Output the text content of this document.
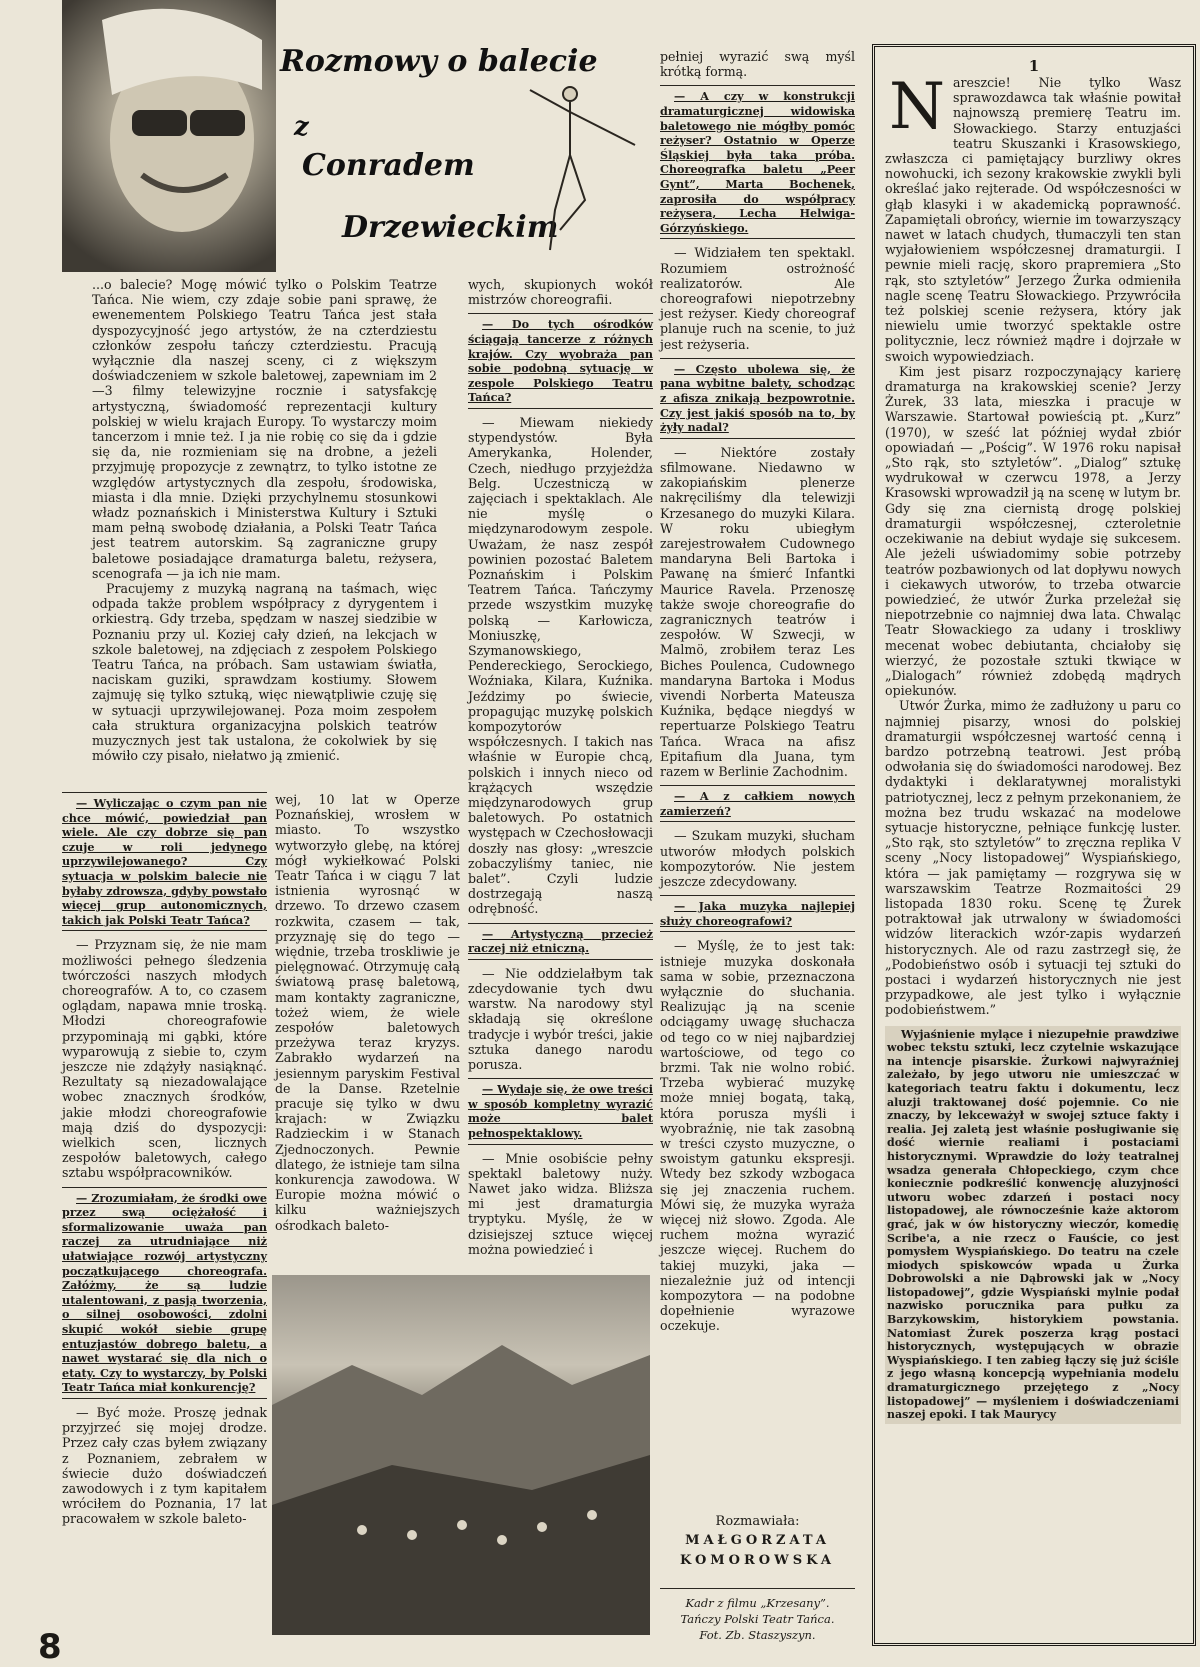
Rozmowy o balecie
z
Conradem
Drzewieckim

...o balecie? Mogę mówić tylko o Polskim Teatrze Tańca. Nie wiem, czy zdaje sobie pani sprawę, że ewenementem Polskiego Teatru Tańca jest stała dyspozycyjność jego artystów, że na czterdziestu członków zespołu tańczy czterdziestu. Pracują wyłącznie dla naszej sceny, ci z większym doświadczeniem w szkole baletowej, zapewniam im 2—3 filmy telewizyjne rocznie i satysfakcję artystyczną, świadomość reprezentacji kultury polskiej w wielu krajach Europy. To wystarczy moim tancerzom i mnie też. I ja nie robię co się da i gdzie się da, nie rozmieniam się na drobne, a jeżeli przyjmuję propozycje z zewnątrz, to tylko istotne ze względów artystycznych dla zespołu, środowiska, miasta i dla mnie. Dzięki przychylnemu stosunkowi władz poznańskich i Ministerstwa Kultury i Sztuki mam pełną swobodę działania, a Polski Teatr Tańca jest teatrem autorskim. Są zagraniczne grupy baletowe posiadające dramaturga baletu, reżysera, scenografa — ja ich nie mam.

Pracujemy z muzyką nagraną na taśmach, więc odpada także problem współpracy z dyrygentem i orkiestrą. Gdy trzeba, spędzam w naszej siedzibie w Poznaniu przy ul. Koziej cały dzień, na lekcjach w szkole baletowej, na zdjęciach z zespołem Polskiego Teatru Tańca, na próbach. Sam ustawiam światła, naciskam guziki, sprawdzam kostiumy. Słowem zajmuję się tylko sztuką, więc niewątpliwie czuję się w sytuacji uprzywilejowanej. Poza moim zespołem cała struktura organizacyjna polskich teatrów muzycznych jest tak ustalona, że cokolwiek by się mówiło czy pisało, niełatwo ją zmienić.

— Wyliczając o czym pan nie chce mówić, powiedział pan wiele. Ale czy dobrze się pan czuje w roli jedynego uprzywilejowanego? Czy sytuacja w polskim balecie nie byłaby zdrowsza, gdyby powstało więcej grup autonomicznych, takich jak Polski Teatr Tańca?

— Przyznam się, że nie mam możliwości pełnego śledzenia twórczości naszych młodych choreografów. A to, co czasem oglądam, napawa mnie troską. Młodzi choreografowie przypominają mi gąbki, które wyparowują z siebie to, czym jeszcze nie zdążyły nasiąknąć. Rezultaty są niezadowalające wobec znacznych środków, jakie młodzi choreografowie mają dziś do dyspozycji: wielkich scen, licznych zespołów baletowych, całego sztabu współpracowników.

— Zrozumiałam, że środki owe przez swą ociężałość i sformalizowanie uważa pan raczej za utrudniające niż ułatwiające rozwój artystyczny początkującego choreografa. Załóżmy, że są ludzie utalentowani, z pasją tworzenia, o silnej osobowości, zdolni skupić wokół siebie grupę entuzjastów dobrego baletu, a nawet wystarać się dla nich o etaty. Czy to wystarczy, by Polski Teatr Tańca miał konkurencję?

— Być może. Proszę jednak przyjrzeć się mojej drodze. Przez cały czas byłem związany z Poznaniem, zebrałem w świecie dużo doświadczeń zawodowych i z tym kapitałem wróciłem do Poznania, 17 lat pracowałem w szkole baleto-

wej, 10 lat w Operze Poznańskiej, wrosłem w miasto. To wszystko wytworzyło glebę, na której mógł wykiełkować Polski Teatr Tańca i w ciągu 7 lat istnienia wyrosnąć w drzewo. To drzewo czasem rozkwita, czasem — tak, przyznaję się do tego — więdnie, trzeba troskliwie je pielęgnować. Otrzymuję całą światową prasę baletową, mam kontakty zagraniczne, tożeż wiem, że wiele zespołów baletowych przeżywa teraz kryzys. Zabrakło wydarzeń na jesiennym paryskim Festival de la Danse. Rzetelnie pracuje się tylko w dwu krajach: w Związku Radzieckim i w Stanach Zjednoczonych. Pewnie dlatego, że istnieje tam silna konkurencja zawodowa. W Europie można mówić o kilku ważniejszych ośrodkach baleto-

wych, skupionych wokół mistrzów choreografii.

— Do tych ośrodków ściągają tancerze z różnych krajów. Czy wyobraża pan sobie podobną sytuację w zespole Polskiego Teatru Tańca?

— Miewam niekiedy stypendystów. Była Amerykanka, Holender, Czech, niedługo przyjeżdża Belg. Uczestniczą w zajęciach i spektaklach. Ale nie myślę o międzynarodowym zespole. Uważam, że nasz zespół powinien pozostać Baletem Poznańskim i Polskim Teatrem Tańca. Tańczymy przede wszystkim muzykę polską — Karłowicza, Moniuszkę, Szymanowskiego, Pendereckiego, Serockiego, Woźniaka, Kilara, Kuźnika. Jeździmy po świecie, propagując muzykę polskich kompozytorów współczesnych. I takich nas właśnie w Europie chcą, polskich i innych nieco od krążących wszędzie międzynarodowych grup baletowych. Po ostatnich występach w Czechosłowacji doszły nas głosy: „wreszcie zobaczyliśmy taniec, nie balet”. Czyli ludzie dostrzegają naszą odrębność.

— Artystyczną przecież raczej niż etniczną.

— Nie oddzielałbym tak zdecydowanie tych dwu warstw. Na narodowy styl składają się określone tradycje i wybór treści, jakie sztuka danego narodu porusza.

— Wydaje się, że owe treści w sposób kompletny wyrazić może balet pełnospektaklowy.

— Mnie osobiście pełny spektakl baletowy nuży. Nawet jako widza. Bliższa mi jest dramaturgia tryptyku. Myślę, że w dzisiejszej sztuce więcej można powiedzieć i

pełniej wyrazić swą myśl krótką formą.

— A czy w konstrukcji dramaturgicznej widowiska baletowego nie mógłby pomóc reżyser? Ostatnio w Operze Śląskiej była taka próba. Choreografka baletu „Peer Gynt”, Marta Bochenek, zaprosiła do współpracy reżysera, Lecha Helwiga-Górzyńskiego.

— Widziałem ten spektakl. Rozumiem ostrożność realizatorów. Ale choreografowi niepotrzebny jest reżyser. Kiedy choreograf planuje ruch na scenie, to już jest reżyseria.

— Często ubolewa się, że pana wybitne balety, schodząc z afisza znikają bezpowrotnie. Czy jest jakiś sposób na to, by żyły nadal?

— Niektóre zostały sfilmowane. Niedawno w zakopiańskim plenerze nakręciliśmy dla telewizji Krzesanego do muzyki Kilara. W roku ubiegłym zarejestrowałem Cudownego mandaryna Beli Bartoka i Pawanę na śmierć Infantki Maurice Ravela. Przenoszę także swoje choreografie do zagranicznych teatrów i zespołów. W Szwecji, w Malmö, zrobiłem teraz Les Biches Poulenca, Cudownego mandaryna Bartoka i Modus vivendi Norberta Mateusza Kuźnika, będące niegdyś w repertuarze Polskiego Teatru Tańca. Wraca na afisz Epitafium dla Juana, tym razem w Berlinie Zachodnim.

— A z całkiem nowych zamierzeń?

— Szukam muzyki, słucham utworów młodych polskich kompozytorów. Nie jestem jeszcze zdecydowany.

— Jaka muzyka najlepiej służy choreografowi?

— Myślę, że to jest tak: istnieje muzyka doskonała sama w sobie, przeznaczona wyłącznie do słuchania. Realizując ją na scenie odciągamy uwagę słuchacza od tego co w niej najbardziej wartościowe, od tego co brzmi. Tak nie wolno robić. Trzeba wybierać muzykę może mniej bogatą, taką, która porusza myśli i wyobraźnię, nie tak zasobną w treści czysto muzyczne, o swoistym gatunku ekspresji. Wtedy bez szkody wzbogaca się jej znaczenia ruchem. Mówi się, że muzyka wyraża więcej niż słowo. Zgoda. Ale ruchem można wyrazić jeszcze więcej. Ruchem do takiej muzyki, jaka — niezależnie już od intencji kompozytora — na podobne dopełnienie wyrazowe oczekuje.

Rozmawiała:
MAŁGORZATA
KOMOROWSKA
Kadr z filmu „Krzesany”.
Tańczy Polski Teatr Tańca.
Fot. Zb. Staszyszyn.
1
N areszcie! Nie tylko Wasz sprawozdawca tak właśnie powitał najnowszą premierę Teatru im. Słowackiego. Starzy entuzjaści teatru Skuszanki i Krasowskiego, zwłaszcza ci pamiętający burzliwy okres nowohucki, ich sezony krakowskie zwykli byli określać jako rejterade. Od współczesności w głąb klasyki i w akademicką poprawność. Zapamiętali obrońcy, wiernie im towarzyszący nawet w latach chudych, tłumaczyli ten stan wyjałowieniem współczesnej dramaturgii. I pewnie mieli rację, skoro prapremiera „Sto rąk, sto sztyletów” Jerzego Żurka odmieniła nagle scenę Teatru Słowackiego. Przywróciła też polskiej scenie reżysera, który jak niewielu umie tworzyć spektakle ostre politycznie, lecz również mądre i dojrzałe w swoich wypowiedziach.

Kim jest pisarz rozpoczynający karierę dramaturga na krakowskiej scenie? Jerzy Żurek, 33 lata, mieszka i pracuje w Warszawie. Startował powieścią pt. „Kurz” (1970), w sześć lat później wydał zbiór opowiadań — „Pościg”. W 1976 roku napisał „Sto rąk, sto sztyletów”. „Dialog” sztukę wydrukował w czerwcu 1978, a Jerzy Krasowski wprowadził ją na scenę w lutym br. Gdy się zna ciernistą drogę polskiej dramaturgii współczesnej, czteroletnie oczekiwanie na debiut wydaje się sukcesem. Ale jeżeli uświadomimy sobie potrzeby teatrów pozbawionych od lat dopływu nowych i ciekawych utworów, to trzeba otwarcie powiedzieć, że utwór Żurka przeleżał się niepotrzebnie co najmniej dwa lata. Chwaląc Teatr Słowackiego za udany i troskliwy mecenat wobec debiutanta, chciałoby się wierzyć, że pozostałe sztuki tkwiące w „Dialogach” również zdobędą mądrych opiekunów.

Utwór Żurka, mimo że zadłużony u paru co najmniej pisarzy, wnosi do polskiej dramaturgii współczesnej wartość cenną i bardzo potrzebną teatrowi. Jest próbą odwołania się do świadomości narodowej. Bez dydaktyki i deklaratywnej moralistyki patriotycznej, lecz z pełnym przekonaniem, że można bez trudu wskazać na modelowe sytuacje historyczne, pełniące funkcję luster. „Sto rąk, sto sztyletów” to zręczna replika V sceny „Nocy listopadowej” Wyspiańskiego, która — jak pamiętamy — rozgrywa się w warszawskim Teatrze Rozmaitości 29 listopada 1830 roku. Scenę tę Żurek potraktował jak utrwalony w świadomości widzów literackich wzór-zapis wydarzeń historycznych. Ale od razu zastrzegł się, że „Podobieństwo osób i sytuacji tej sztuki do postaci i wydarzeń historycznych nie jest przypadkowe, ale jest tylko i wyłącznie podobieństwem.”

Wyjaśnienie mylące i niezupełnie prawdziwe wobec tekstu sztuki, lecz czytelnie wskazujące na intencje pisarskie. Żurkowi najwyraźniej zależało, by jego utworu nie umieszczać w kategoriach teatru faktu i dokumentu, lecz aluzji traktowanej dość pojemnie. Co nie znaczy, by lekceważył w swojej sztuce fakty i realia. Jej zaletą jest właśnie posługiwanie się dość wiernie realiami i postaciami historycznymi. Wprawdzie do loży teatralnej wsadza generała Chłopeckiego, czym chce koniecznie podkreślić konwencję aluzyjności utworu wobec zdarzeń i postaci nocy listopadowej, ale równocześnie każe aktorom grać, jak w ów historyczny wieczór, komedię Scribe'a, a nie rzecz o Fauście, co jest pomysłem Wyspiańskiego. Do teatru na czele miodych spiskowców wpada u Żurka Dobrowolski a nie Dąbrowski jak w „Nocy listopadowej”, gdzie Wyspiański mylnie podał nazwisko porucznika para pułku za Barzykowskim, historykiem powstania. Natomiast Żurek poszerza krąg postaci historycznych, występujących w obrazie Wyspiańskiego. I ten zabieg łączy się już ściśle z jego własną koncepcją wypełniania modelu dramaturgicznego przejętego z „Nocy listopadowej” — myśleniem i doświadczeniami naszej epoki. I tak Maurycy
8
